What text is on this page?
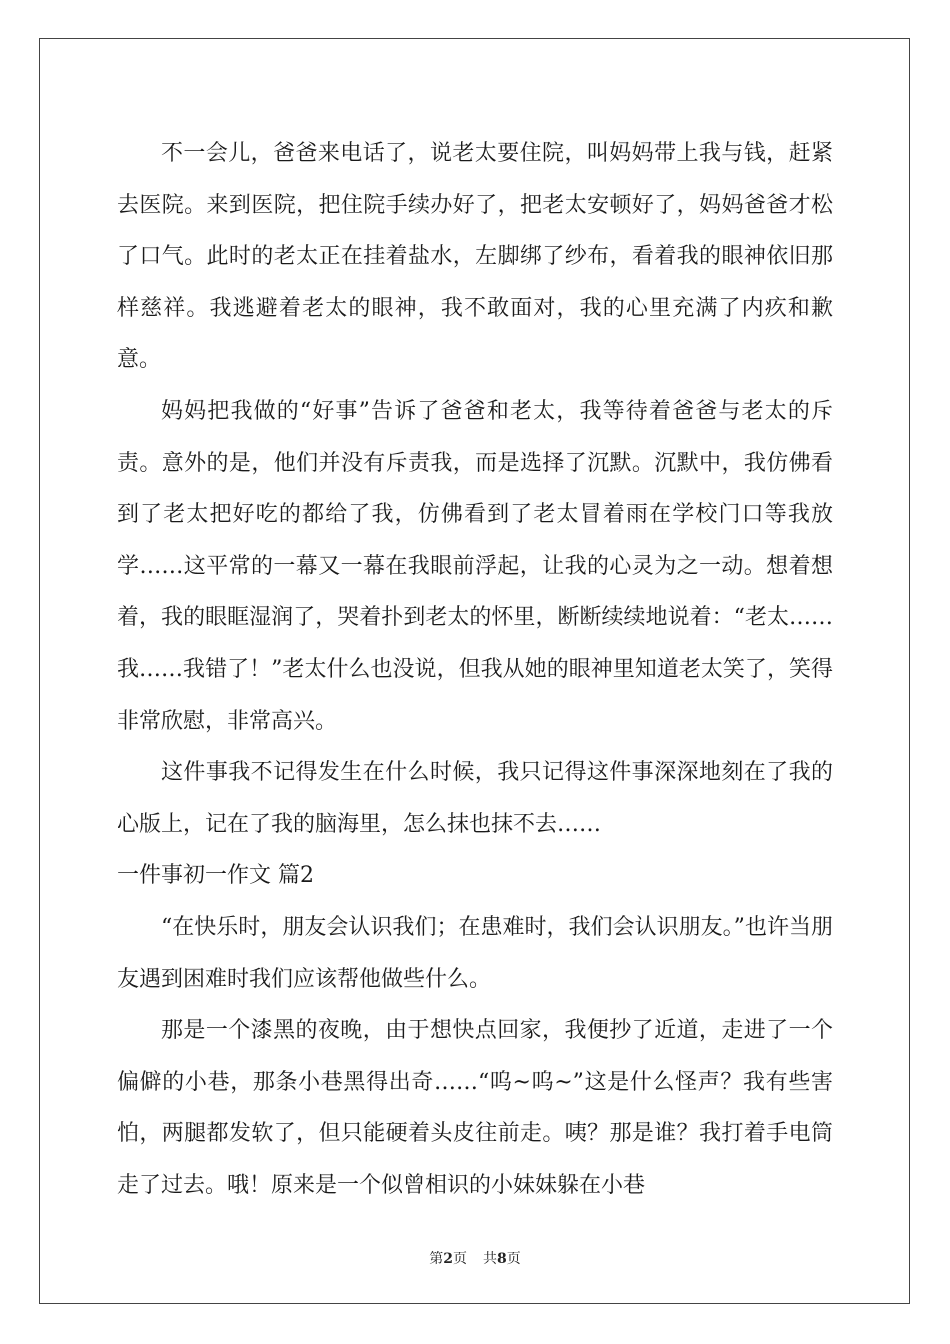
不一会儿，爸爸来电话了，说老太要住院，叫妈妈带上我与钱，赶紧去医院。来到医院，把住院手续办好了，把老太安顿好了，妈妈爸爸才松了口气。此时的老太正在挂着盐水，左脚绑了纱布，看着我的眼神依旧那样慈祥。我逃避着老太的眼神，我不敢面对，我的心里充满了内疚和歉意。

妈妈把我做的“好事”告诉了爸爸和老太，我等待着爸爸与老太的斥责。意外的是，他们并没有斥责我，而是选择了沉默。沉默中，我仿佛看到了老太把好吃的都给了我，仿佛看到了老太冒着雨在学校门口等我放学……这平常的一幕又一幕在我眼前浮起，让我的心灵为之一动。想着想着，我的眼眶湿润了，哭着扑到老太的怀里，断断续续地说着：“老太……我……我错了！”老太什么也没说，但我从她的眼神里知道老太笑了，笑得非常欣慰，非常高兴。

这件事我不记得发生在什么时候，我只记得这件事深深地刻在了我的心版上，记在了我的脑海里，怎么抹也抹不去……

一件事初一作文 篇2

“在快乐时，朋友会认识我们；在患难时，我们会认识朋友。”也许当朋友遇到困难时我们应该帮他做些什么。

那是一个漆黑的夜晚，由于想快点回家，我便抄了近道，走进了一个偏僻的小巷，那条小巷黑得出奇……“呜~呜~”这是什么怪声？我有些害怕，两腿都发软了，但只能硬着头皮往前走。咦？那是谁？我打着手电筒走了过去。哦！原来是一个似曾相识的小妹妹躲在小巷

第2页 共8页
